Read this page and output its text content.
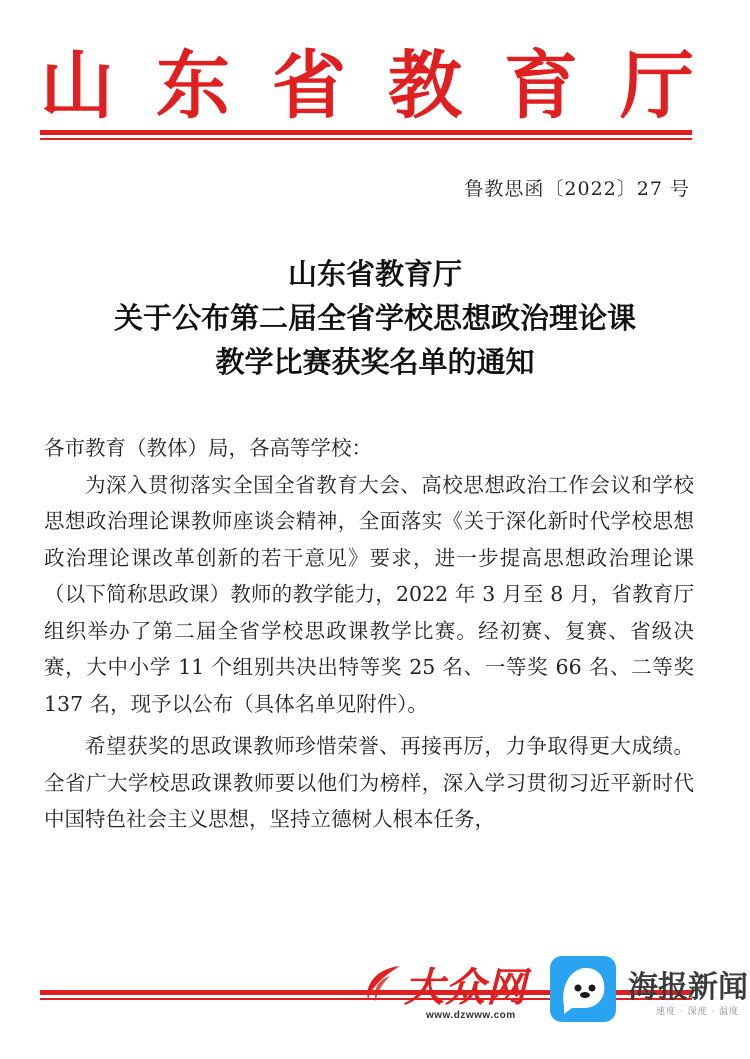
山 东 省 教 育 厅
鲁教思函〔2022〕27 号
山东省教育厅
关于公布第二届全省学校思想政治理论课
教学比赛获奖名单的通知

各市教育（教体）局，各高等学校：

为深入贯彻落实全国全省教育大会、高校思想政治工作会议和学校思想政治理论课教师座谈会精神，全面落实《关于深化新时代学校思想政治理论课改革创新的若干意见》要求，进一步提高思想政治理论课（以下简称思政课）教师的教学能力，2022 年 3 月至 8 月，省教育厅组织举办了第二届全省学校思政课教学比赛。经初赛、复赛、省级决赛，大中小学 11 个组别共决出特等奖 25 名、一等奖 66 名、二等奖 137 名，现予以公布（具体名单见附件）。

希望获奖的思政课教师珍惜荣誉、再接再厉，力争取得更大成绩。全省广大学校思政课教师要以他们为榜样，深入学习贯彻习近平新时代中国特色社会主义思想，坚持立德树人根本任务，

大众网
www.dzwww.com
海报新闻
速度 · 深度 · 温度
